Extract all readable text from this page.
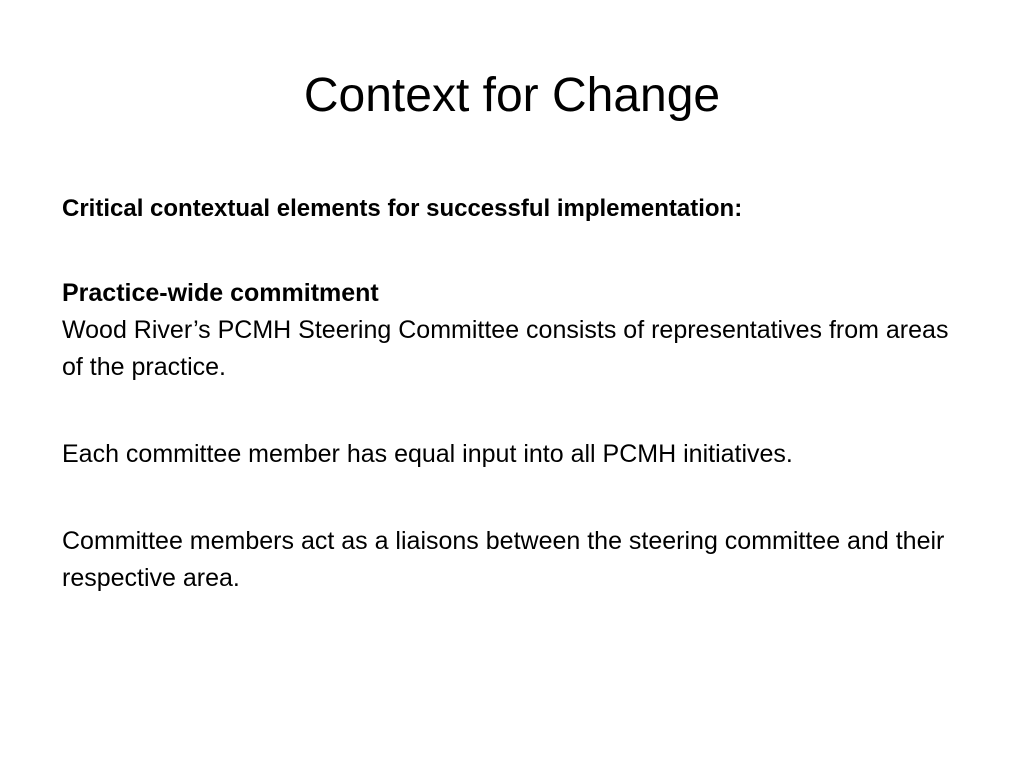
Context for Change

Critical contextual elements for successful implementation:

Practice-wide commitment
Wood River’s PCMH Steering Committee consists of representatives from areas of the practice.

Each committee member has equal input into all PCMH initiatives.

Committee members act as a liaisons between the steering committee and their respective area.
